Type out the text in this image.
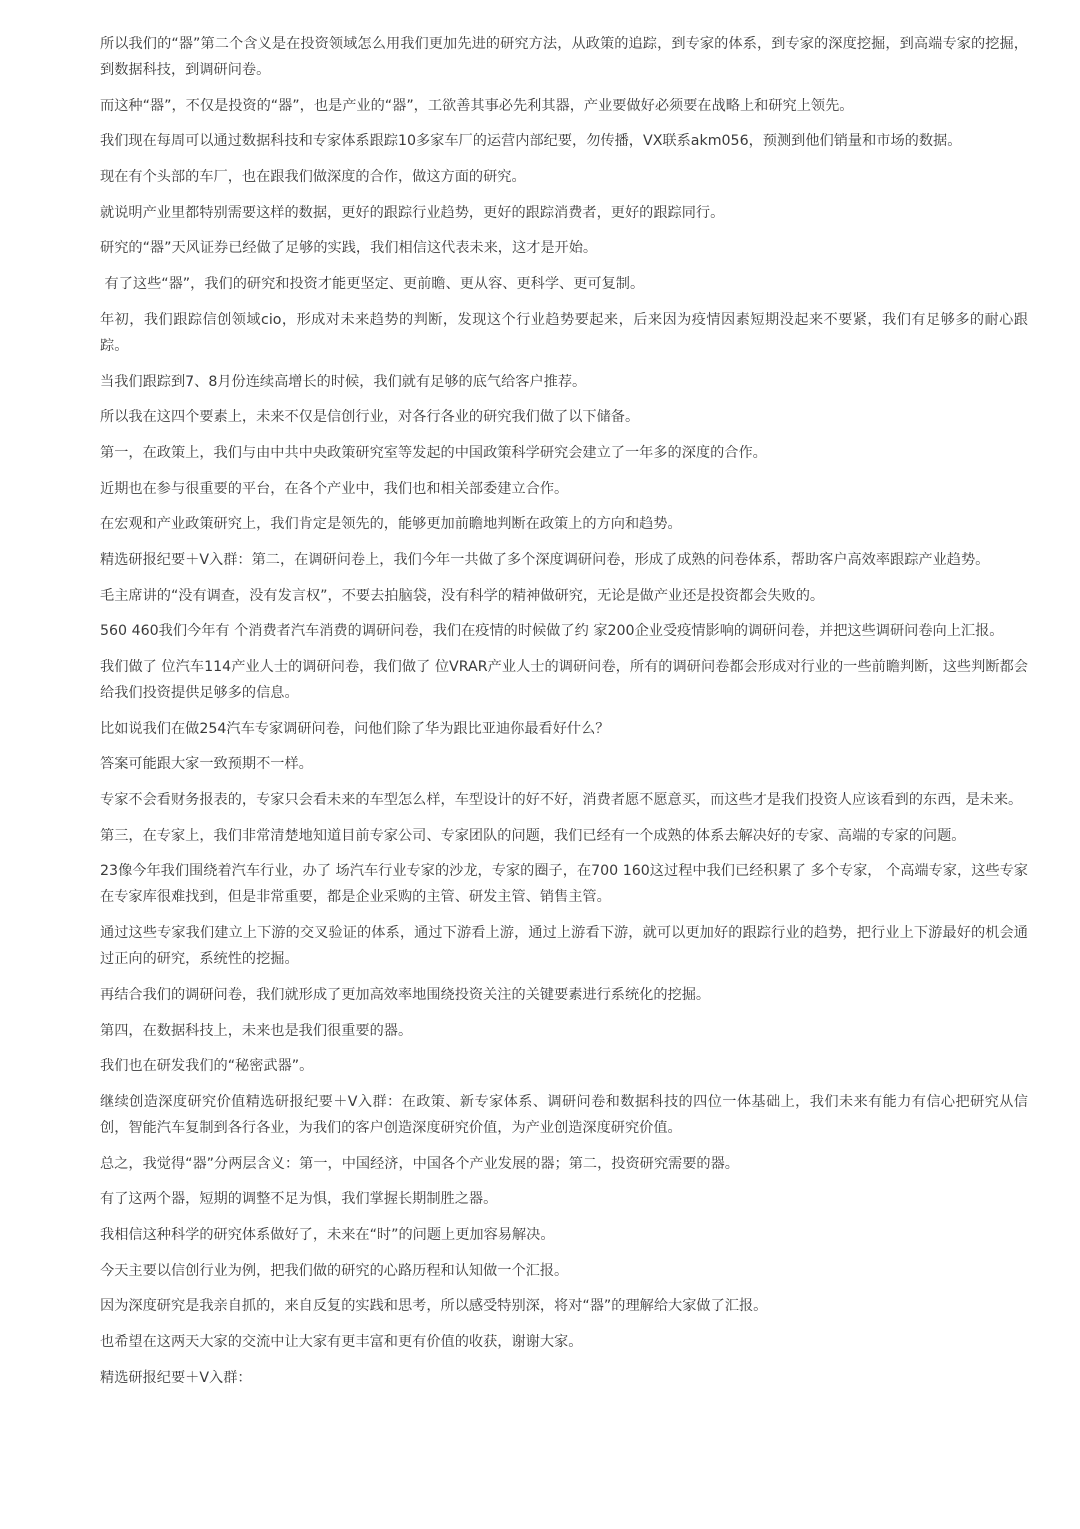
所以我们的“器”第二个含义是在投资领域怎么用我们更加先进的研究方法，从政策的追踪，到专家的体系，到专家的深度挖掘，到高端专家的挖掘，到数据科技，到调研问卷。

而这种“器”，不仅是投资的“器”，也是产业的“器”，工欲善其事必先利其器，产业要做好必须要在战略上和研究上领先。

我们现在每周可以通过数据科技和专家体系跟踪10多家车厂的运营内部纪要，勿传播，VX联系akm056，预测到他们销量和市场的数据。

现在有个头部的车厂，也在跟我们做深度的合作，做这方面的研究。

就说明产业里都特别需要这样的数据，更好的跟踪行业趋势，更好的跟踪消费者，更好的跟踪同行。

研究的“器”天风证券已经做了足够的实践，我们相信这代表未来，这才是开始。

有了这些“器”，我们的研究和投资才能更坚定、更前瞻、更从容、更科学、更可复制。

年初，我们跟踪信创领域cio，形成对未来趋势的判断，发现这个行业趋势要起来，后来因为疫情因素短期没起来不要紧，我们有足够多的耐心跟踪。

当我们跟踪到7、8月份连续高增长的时候，我们就有足够的底气给客户推荐。

所以我在这四个要素上，未来不仅是信创行业，对各行各业的研究我们做了以下储备。

第一，在政策上，我们与由中共中央政策研究室等发起的中国政策科学研究会建立了一年多的深度的合作。

近期也在参与很重要的平台，在各个产业中，我们也和相关部委建立合作。

在宏观和产业政策研究上，我们肯定是领先的，能够更加前瞻地判断在政策上的方向和趋势。

精选研报纪要＋V入群：第二，在调研问卷上，我们今年一共做了多个深度调研问卷，形成了成熟的问卷体系，帮助客户高效率跟踪产业趋势。

毛主席讲的“没有调查，没有发言权”，不要去拍脑袋，没有科学的精神做研究，无论是做产业还是投资都会失败的。

560 460我们今年有 个消费者汽车消费的调研问卷，我们在疫情的时候做了约 家200企业受疫情影响的调研问卷，并把这些调研问卷向上汇报。

我们做了 位汽车114产业人士的调研问卷，我们做了 位VRAR产业人士的调研问卷，所有的调研问卷都会形成对行业的一些前瞻判断，这些判断都会给我们投资提供足够多的信息。

比如说我们在做254汽车专家调研问卷，问他们除了华为跟比亚迪你最看好什么？

答案可能跟大家一致预期不一样。

专家不会看财务报表的，专家只会看未来的车型怎么样，车型设计的好不好，消费者愿不愿意买，而这些才是我们投资人应该看到的东西，是未来。

第三，在专家上，我们非常清楚地知道目前专家公司、专家团队的问题，我们已经有一个成熟的体系去解决好的专家、高端的专家的问题。

23像今年我们围绕着汽车行业，办了 场汽车行业专家的沙龙，专家的圈子，在700 160这过程中我们已经积累了 多个专家， 个高端专家，这些专家在专家库很难找到，但是非常重要，都是企业采购的主管、研发主管、销售主管。

通过这些专家我们建立上下游的交叉验证的体系，通过下游看上游，通过上游看下游，就可以更加好的跟踪行业的趋势，把行业上下游最好的机会通过正向的研究，系统性的挖掘。

再结合我们的调研问卷，我们就形成了更加高效率地围绕投资关注的关键要素进行系统化的挖掘。

第四，在数据科技上，未来也是我们很重要的器。

我们也在研发我们的“秘密武器”。

继续创造深度研究价值精选研报纪要＋V入群：在政策、新专家体系、调研问卷和数据科技的四位一体基础上，我们未来有能力有信心把研究从信创，智能汽车复制到各行各业，为我们的客户创造深度研究价值，为产业创造深度研究价值。

总之，我觉得“器”分两层含义：第一，中国经济，中国各个产业发展的器；第二，投资研究需要的器。

有了这两个器，短期的调整不足为惧，我们掌握长期制胜之器。

我相信这种科学的研究体系做好了，未来在“时”的问题上更加容易解决。

今天主要以信创行业为例，把我们做的研究的心路历程和认知做一个汇报。

因为深度研究是我亲自抓的，来自反复的实践和思考，所以感受特别深，将对“器”的理解给大家做了汇报。

也希望在这两天大家的交流中让大家有更丰富和更有价值的收获，谢谢大家。

精选研报纪要＋V入群：
